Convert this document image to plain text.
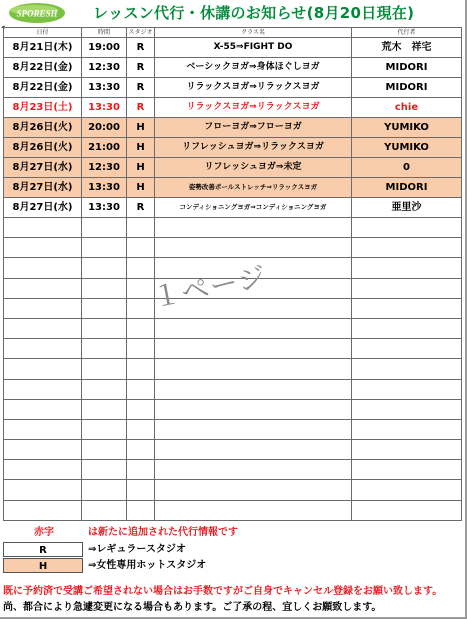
SPORESH レッスン代行・休講のお知らせ(8月20日現在)
◂
日付	時間	スタジオ	クラス名	代行者
8月21日(木)	19:00	R	X-55⇒FIGHT DO	荒木　祥宅
8月22日(金)	12:30	R	ベーシックヨガ⇒身体ほぐしヨガ	MIDORI
8月22日(金)	13:30	R	リラックスヨガ⇒リラックスヨガ	MIDORI
8月23日(土)	13:30	R	リラックスヨガ⇒リラックスヨガ	chie
8月26日(火)	20:00	H	フローヨガ⇒フローヨガ	YUMIKO
8月26日(火)	21:00	H	リフレッシュヨガ⇒リラックスヨガ	YUMIKO
8月27日(水)	12:30	H	リフレッシュヨガ⇒未定	0
8月27日(水)	13:30	H	姿勢改善ポールストレッチ⇒リラックスヨガ	MIDORI
8月27日(水)	13:30	R	コンディショニングヨガ⇒コンディショニングヨガ	亜里沙

１ページ
赤字	は新たに追加された代行情報です
R	⇒レギュラースタジオ
H	⇒女性専用ホットスタジオ
既に予約済で受講ご希望されない場合はお手数ですがご自身でキャンセル登録をお願い致します。
尚、都合により急遽変更になる場合もあります。ご了承の程、宜しくお願致します。
